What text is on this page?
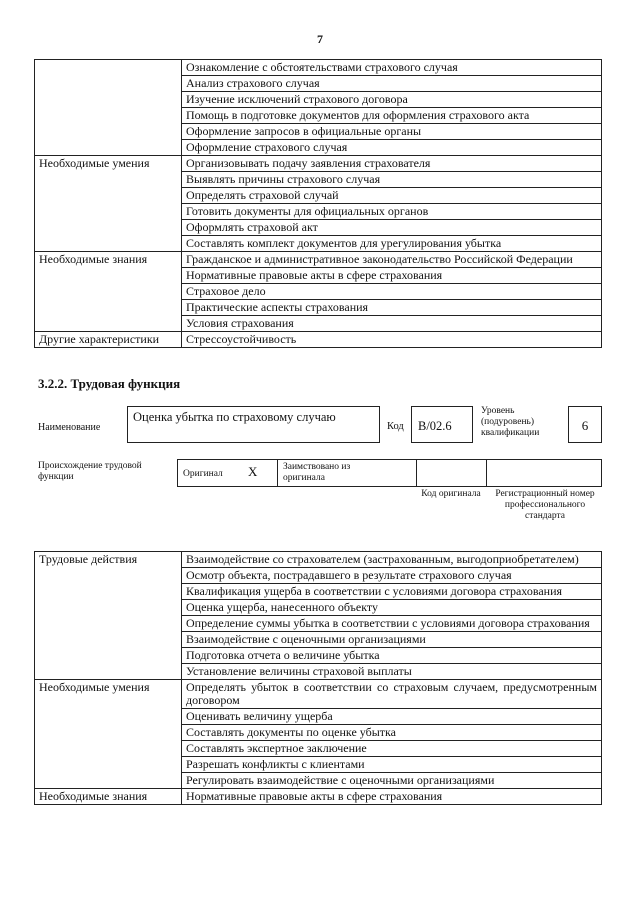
7
	Ознакомление с обстоятельствами страхового случая
	Анализ страхового случая
	Изучение исключений страхового договора
	Помощь в подготовке документов для оформления страхового акта
	Оформление запросов в официальные органы
	Оформление страхового случая
Необходимые умения	Организовывать подачу заявления страхователя
	Выявлять причины страхового случая
	Определять страховой случай
	Готовить документы для официальных органов
	Оформлять страховой акт
	Составлять комплект документов для урегулирования убытка
Необходимые знания	Гражданское и административное законодательство Российской Федерации
	Нормативные правовые акты в сфере страхования
	Страховое дело
	Практические аспекты страхования
	Условия страхования
Другие характеристики	Стрессоустойчивость
3.2.2. Трудовая функция
Наименование
Оценка убытка по страховому случаю
Код	B/02.6
Уровень (подуровень) квалификации	6
Происхождение трудовой функции	Оригинал X	Заимствовано из оригинала
Код оригинала	Регистрационный номер профессионального стандарта
Трудовые действия	Взаимодействие со страхователем (застрахованным, выгодоприобретателем)
	Осмотр объекта, пострадавшего в результате страхового случая
	Квалификация ущерба в соответствии с условиями договора страхования
	Оценка ущерба, нанесенного объекту
	Определение суммы убытка в соответствии с условиями договора страхования
	Взаимодействие с оценочными организациями
	Подготовка отчета о величине убытка
	Установление величины страховой выплаты
Необходимые умения	Определять убыток в соответствии со страховым случаем, предусмотренным договором
	Оценивать величину ущерба
	Составлять документы по оценке убытка
	Составлять экспертное заключение
	Разрешать конфликты с клиентами
	Регулировать взаимодействие с оценочными организациями
Необходимые знания	Нормативные правовые акты в сфере страхования
